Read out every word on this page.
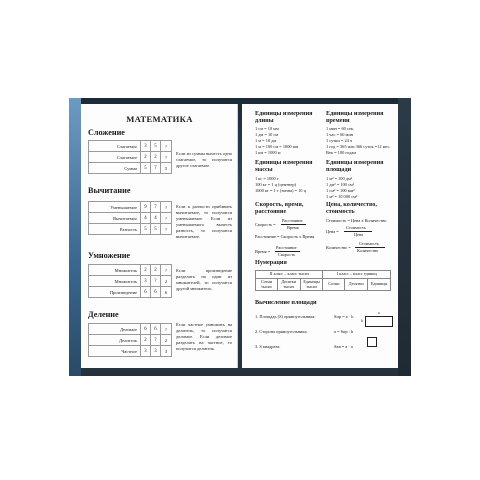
МАТЕМАТИКА
Сложение
Слагаемое	3	5	?
Слагаемое	2	2	?
Сумма	5	7	5
Если из суммы вычесть одно слагаемое, то получится другое слагаемое.
Вычитание
Уменьшаемое	9	7	?
Вычитаемое	4	4	?
Разность	5	5	?
Если к разности прибавить вычитаемое, то получится уменьшаемое. Если из уменьшаемого вычесть разность, то получится вычитаемое.
Умножение
Множитель	2	2	?
Множитель	3	?	2
Произведение	6	6	6
Если произведение разделить на один из множителей, то получится другой множитель.
Деление
Делимое	6	6	?
Делитель	2	?	2
Частное	3	3	3
Если частное умножить на делитель, то получится делимое. Если делимое разделить на частное, то получится делитель.
Единицы измерения длины
1 см = 10 мм
1 дм = 10 см
1 м = 10 дм
1 м = 100 см = 1000 мм
1 км = 1000 м
Единицы измерения времени
1 мин = 60 сек.
1 час = 60 мин
1 сутки = 24 ч
1 год = 365 или 366 суток =12 мес.
Век = 100 годам
Единицы измерения массы
1 кг = 1000 г
100 кг = 1 ц (центнер)
1000 кг = 1 т (тонна) = 10 ц
Единицы измерения площади
1 м² = 100 дм²
1 дм² = 100 см²
1 см² = 100 мм²
1 м² = 10 000 см²
Скорость, время, расстояние
Скорость =
Расстояние
Время
Расстояние = Скорость x Время
Время =
Расстояние
Скорость
Цена, количество, стоимость
Стоимость = Цена x Количество
Цена =
Стоимость
Цена
Количество =
Стоимость
Количество
Нумерация
II класс – класс тысяч			I класс – класс единиц		
Сотни тысяч	Десятки тысяч	Единицы тысяч	Сотни	Десятки	Единицы
Вычисление площади
1. Площадь (S) прямоугольника:	Sпр = a · b
2. Сторона прямоугольника:	a = Sпр : b
3. S квадрата:	Sкв = a · a
a
b
